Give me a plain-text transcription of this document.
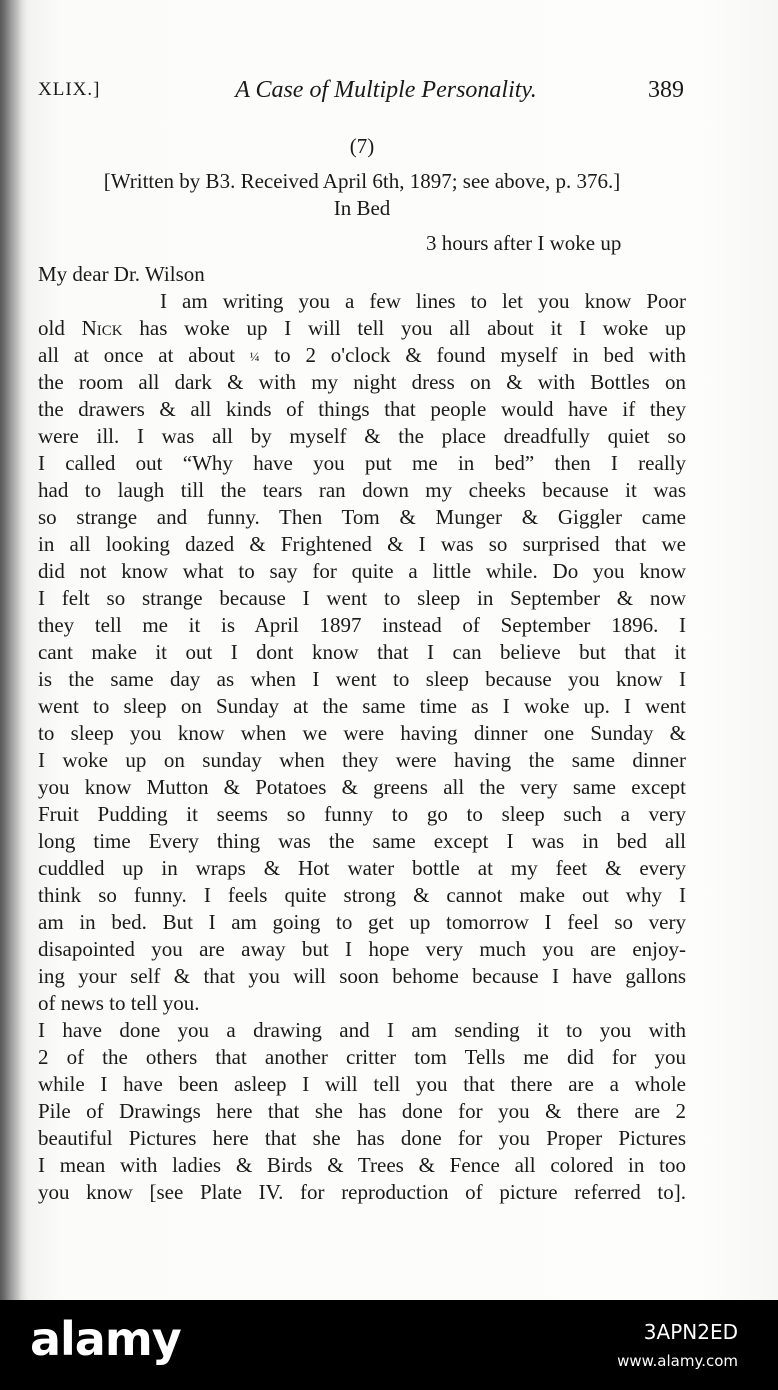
XLIX.]	A Case of Multiple Personality.	389
(7)
[Written by B3. Received April 6th, 1897; see above, p. 376.]
In Bed
3 hours after I woke up
My dear Dr. Wilson
I am writing you a few lines to let you know Poor
old Nick has woke up I will tell you all about it I woke up
all at once at about ¼ to 2 o'clock & found myself in bed with
the room all dark & with my night dress on & with Bottles on
the drawers & all kinds of things that people would have if they
were ill. I was all by myself & the place dreadfully quiet so
I called out “Why have you put me in bed” then I really
had to laugh till the tears ran down my cheeks because it was
so strange and funny. Then Tom & Munger & Giggler came
in all looking dazed & Frightened & I was so surprised that we
did not know what to say for quite a little while. Do you know
I felt so strange because I went to sleep in September & now
they tell me it is April 1897 instead of September 1896. I
cant make it out I dont know that I can believe but that it
is the same day as when I went to sleep because you know I
went to sleep on Sunday at the same time as I woke up. I went
to sleep you know when we were having dinner one Sunday &
I woke up on sunday when they were having the same dinner
you know Mutton & Potatoes & greens all the very same except
Fruit Pudding it seems so funny to go to sleep such a very
long time Every thing was the same except I was in bed all
cuddled up in wraps & Hot water bottle at my feet & every
think so funny. I feels quite strong & cannot make out why I
am in bed. But I am going to get up tomorrow I feel so very
disapointed you are away but I hope very much you are enjoy-
ing your self & that you will soon behome because I have gallons
of news to tell you.
I have done you a drawing and I am sending it to you with
2 of the others that another critter tom Tells me did for you
while I have been asleep I will tell you that there are a whole
Pile of Drawings here that she has done for you & there are 2
beautiful Pictures here that she has done for you Proper Pictures
I mean with ladies & Birds & Trees & Fence all colored in too
you know [see Plate IV. for reproduction of picture referred to].
alamy	3APN2ED
www.alamy.com
